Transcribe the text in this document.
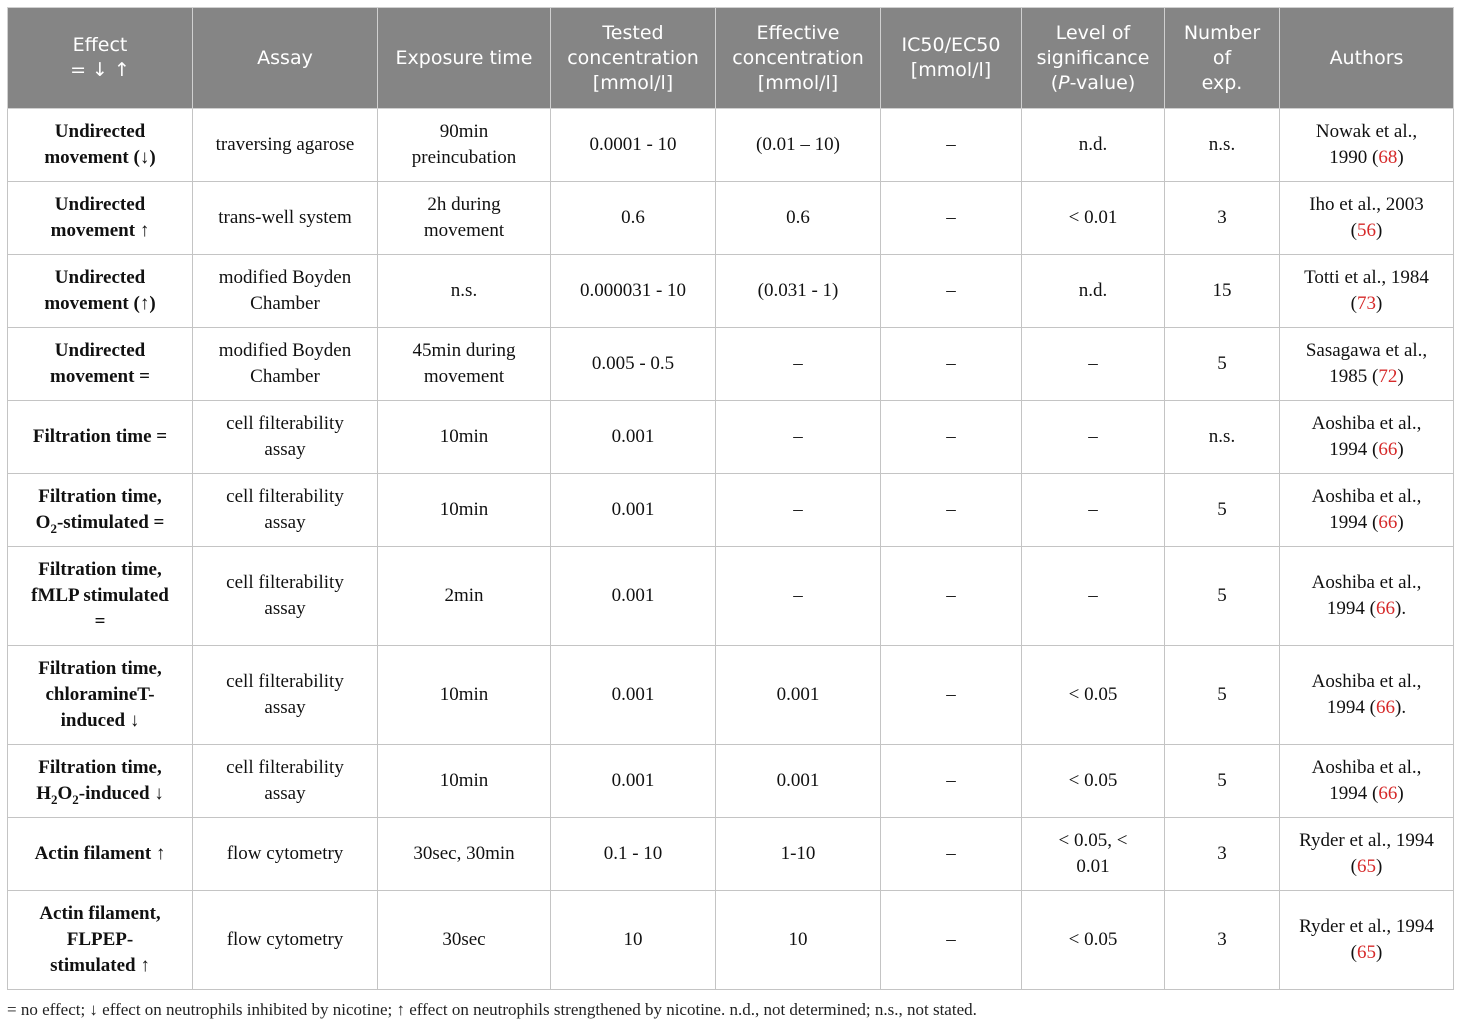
Effect
= ↓ ↑	Assay	Exposure time	Tested
concentration
[mmol/l]	Effective
concentration
[mmol/l]	IC50/EC50
[mmol/l]	Level of
significance
(P-value)	Number
of
exp.	Authors
Undirected
movement (↓)	traversing agarose	90min
preincubation	0.0001 - 10	(0.01 – 10)	–	n.d.	n.s.	Nowak et al.,
1990 (68)
Undirected
movement ↑	trans-well system	2h during
movement	0.6	0.6	–	< 0.01	3	Iho et al., 2003
(56)
Undirected
movement (↑)	modified Boyden
Chamber	n.s.	0.000031 - 10	(0.031 - 1)	–	n.d.	15	Totti et al., 1984
(73)
Undirected
movement =	modified Boyden
Chamber	45min during
movement	0.005 - 0.5	–	–	–	5	Sasagawa et al.,
1985 (72)
Filtration time =	cell filterability
assay	10min	0.001	–	–	–	n.s.	Aoshiba et al.,
1994 (66)
Filtration time,
$O_2$-stimulated =	cell filterability
assay	10min	0.001	–	–	–	5	Aoshiba et al.,
1994 (66)
Filtration time,
fMLP stimulated
=	cell filterability
assay	2min	0.001	–	–	–	5	Aoshiba et al.,
1994 (66).
Filtration time,
chloramineT-
induced ↓	cell filterability
assay	10min	0.001	0.001	–	< 0.05	5	Aoshiba et al.,
1994 (66).
Filtration time,
$H_2O_2$-induced ↓	cell filterability
assay	10min	0.001	0.001	–	< 0.05	5	Aoshiba et al.,
1994 (66)
Actin filament ↑	flow cytometry	30sec, 30min	0.1 - 10	1-10	–	< 0.05, <
0.01	3	Ryder et al., 1994
(65)
Actin filament,
FLPEP-
stimulated ↑	flow cytometry	30sec	10	10	–	< 0.05	3	Ryder et al., 1994
(65)
= no effect; ↓ effect on neutrophils inhibited by nicotine; ↑ effect on neutrophils strengthened by nicotine. n.d., not determined; n.s., not stated.
